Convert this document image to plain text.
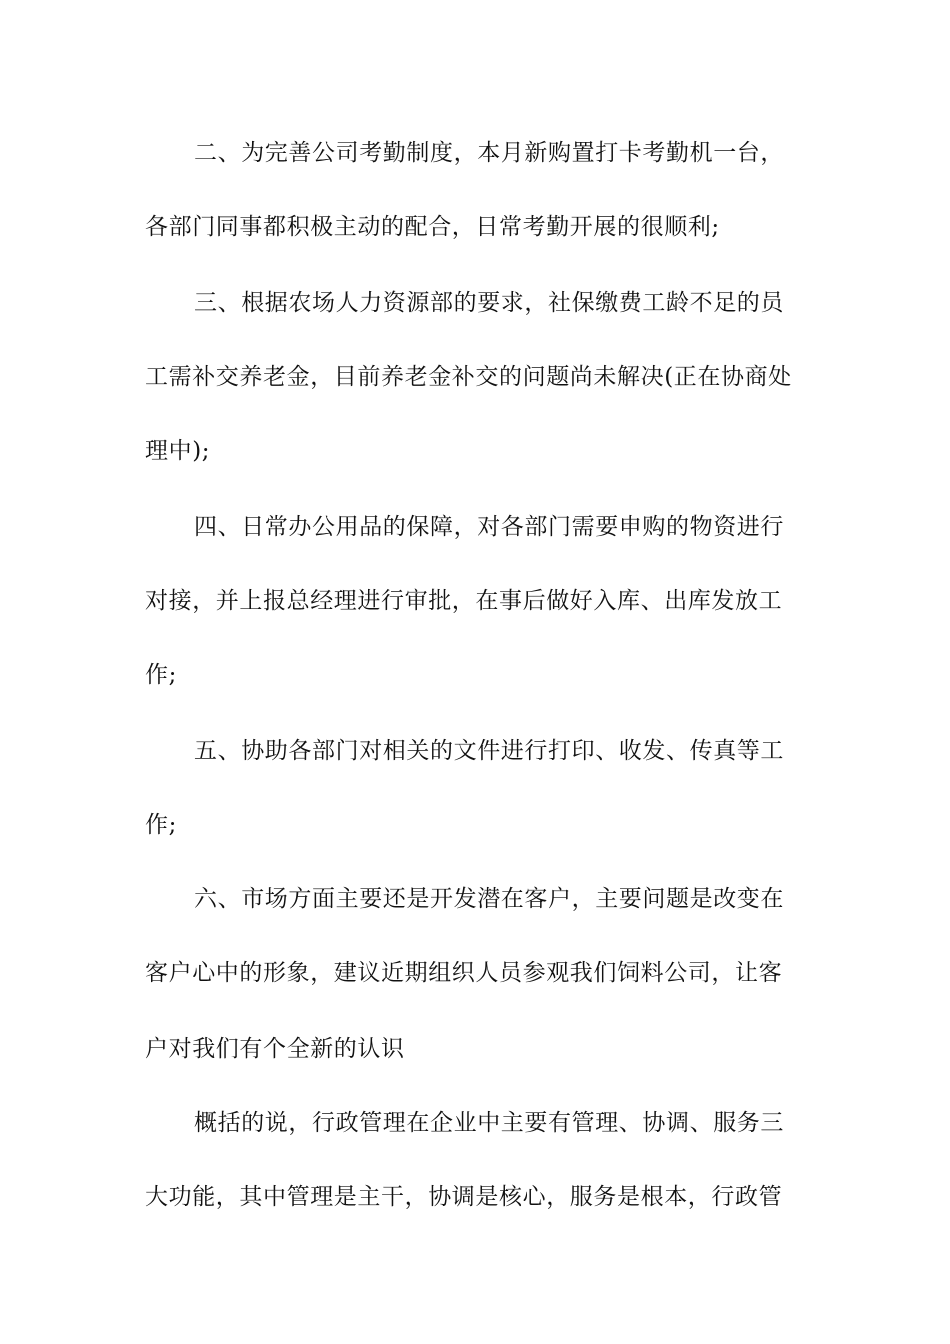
二、为完善公司考勤制度，本月新购置打卡考勤机一台，
各部门同事都积极主动的配合，日常考勤开展的很顺利;
三、根据农场人力资源部的要求，社保缴费工龄不足的员
工需补交养老金，目前养老金补交的问题尚未解决(正在协商处
理中);
四、日常办公用品的保障，对各部门需要申购的物资进行
对接，并上报总经理进行审批，在事后做好入库、出库发放工
作;
五、协助各部门对相关的文件进行打印、收发、传真等工
作;
六、市场方面主要还是开发潜在客户，主要问题是改变在
客户心中的形象，建议近期组织人员参观我们饲料公司，让客
户对我们有个全新的认识
概括的说，行政管理在企业中主要有管理、协调、服务三
大功能，其中管理是主干，协调是核心，服务是根本，行政管
